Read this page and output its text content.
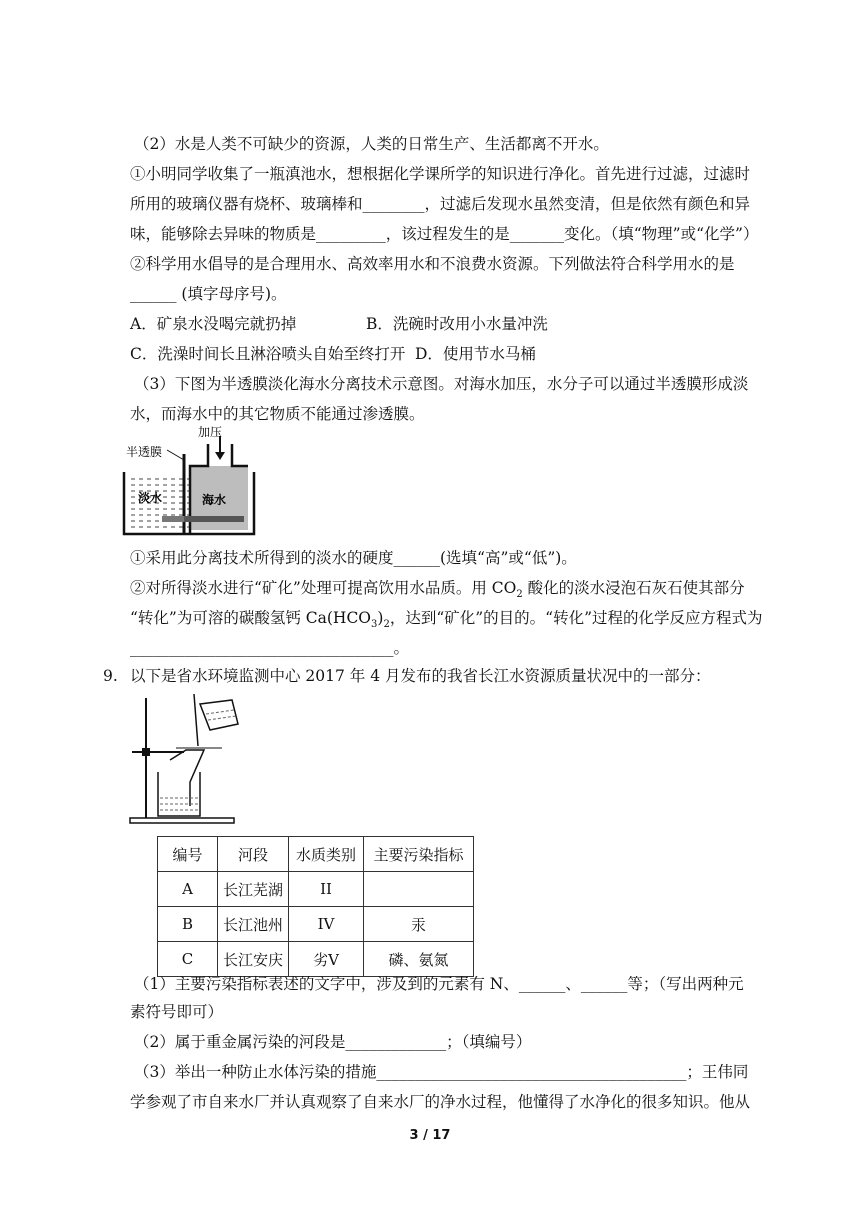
（2）水是人类不可缺少的资源，人类的日常生产、生活都离不开水。
①小明同学收集了一瓶滇池水，想根据化学课所学的知识进行净化。首先进行过滤，过滤时
所用的玻璃仪器有烧杯、玻璃棒和________，过滤后发现水虽然变清，但是依然有颜色和异
味，能够除去异味的物质是_________，该过程发生的是_______变化。（填“物理”或“化学”）
②科学用水倡导的是合理用水、高效率用水和不浪费水资源。下列做法符合科学用水的是
______ (填字母序号)。
A．矿泉水没喝完就扔掉	B．洗碗时改用小水量冲洗
C．洗澡时间长且淋浴喷头自始至终打开 D．使用节水马桶
（3）下图为半透膜淡化海水分离技术示意图。对海水加压，水分子可以通过半透膜形成淡
水，而海水中的其它物质不能通过渗透膜。
半透膜
加压
淡水	海水
①采用此分离技术所得到的淡水的硬度______(选填“高”或“低”)。
②对所得淡水进行“矿化”处理可提高饮用水品质。用 $CO_2$ 酸化的淡水浸泡石灰石使其部分
“转化”为可溶的碳酸氢钙 $Ca(HCO_3)_2$，达到“矿化”的目的。“转化”过程的化学反应方程式为
__________________________________。
9. 以下是省水环境监测中心 2017 年 4 月发布的我省长江水资源质量状况中的一部分：
编号	河段	水质类别	主要污染指标
A	长江芜湖	II	
B	长江池州	IV	汞
C	长江安庆	劣V	磷、氨氮
（1）主要污染指标表述的文字中，涉及到的元素有 N、______、______等；（写出两种元
素符号即可）
（2）属于重金属污染的河段是_____________；（填编号）
（3）举出一种防止水体污染的措施________________________________________；王伟同
学参观了市自来水厂并认真观察了自来水厂的净水过程，他懂得了水净化的很多知识。他从
3 / 17
